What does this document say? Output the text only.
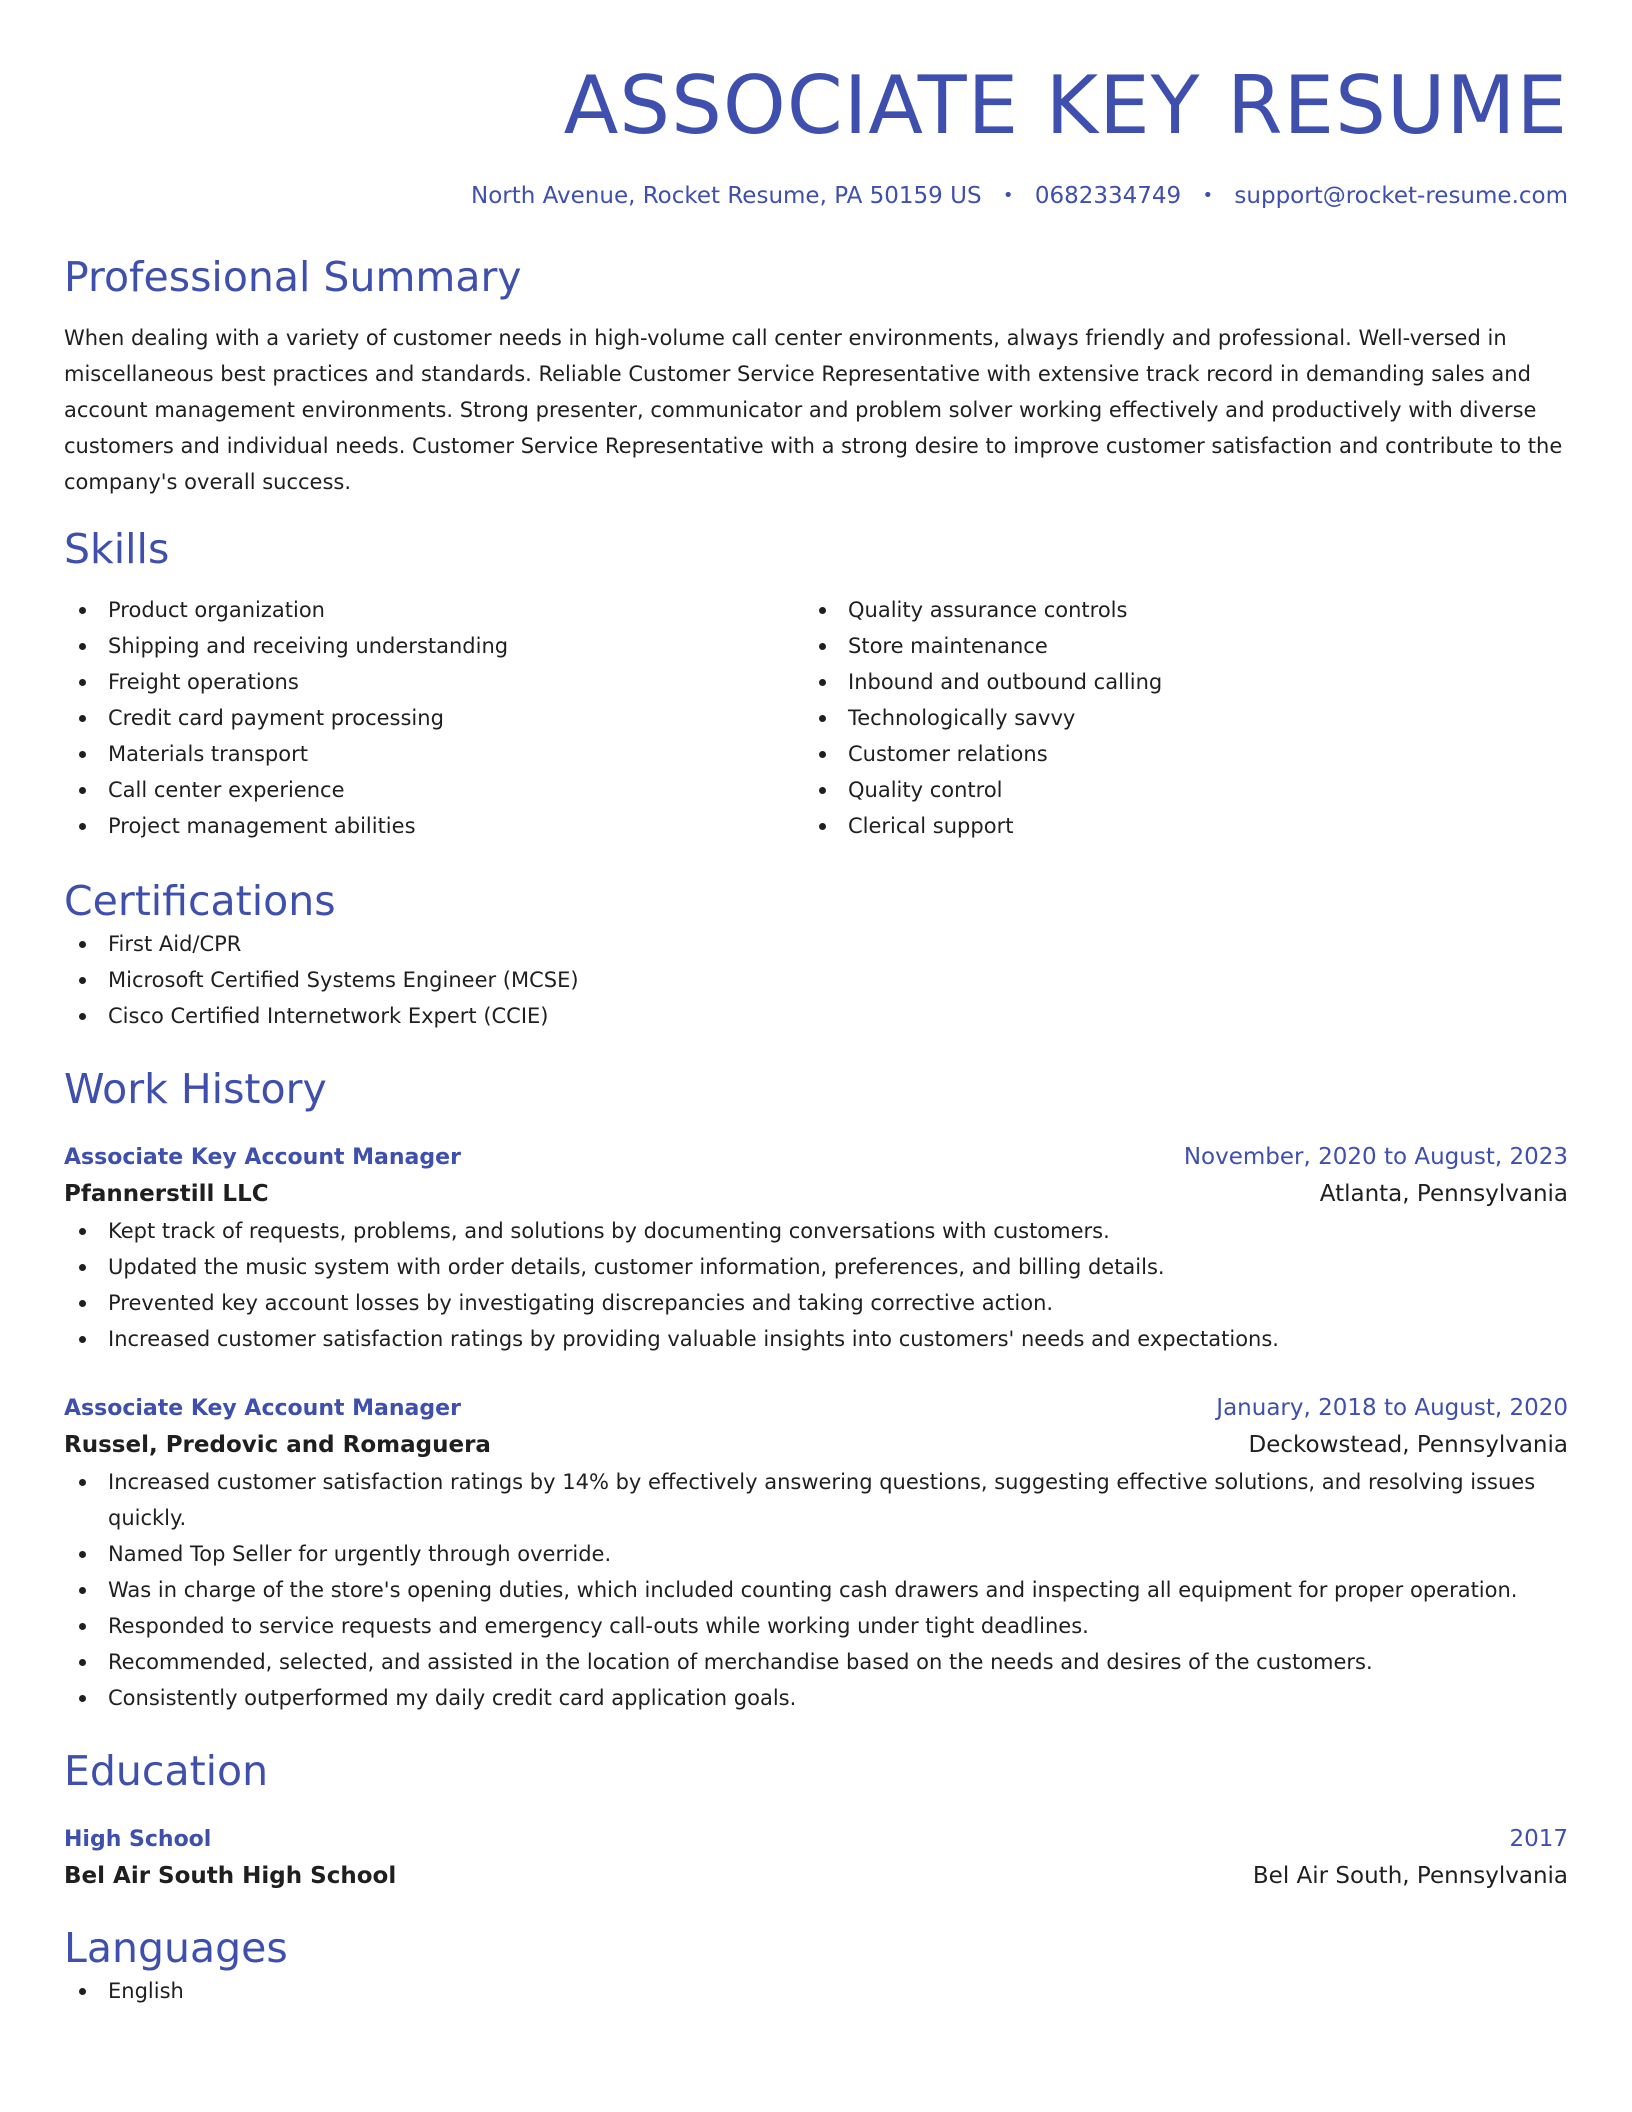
ASSOCIATE KEY RESUME
North Avenue, Rocket Resume, PA 50159 US • 0682334749 • support@rocket-resume.com
Professional Summary
When dealing with a variety of customer needs in high-volume call center environments, always friendly and professional. Well-versed in miscellaneous best practices and standards. Reliable Customer Service Representative with extensive track record in demanding sales and account management environments. Strong presenter, communicator and problem solver working effectively and productively with diverse customers and individual needs. Customer Service Representative with a strong desire to improve customer satisfaction and contribute to the company's overall success.
Skills
Product organization
Shipping and receiving understanding
Freight operations
Credit card payment processing
Materials transport
Call center experience
Project management abilities
Quality assurance controls
Store maintenance
Inbound and outbound calling
Technologically savvy
Customer relations
Quality control
Clerical support
Certifications
First Aid/CPR
Microsoft Certified Systems Engineer (MCSE)
Cisco Certified Internetwork Expert (CCIE)
Work History
Associate Key Account Manager	November, 2020 to August, 2023
Pfannerstill LLC	Atlanta, Pennsylvania
Kept track of requests, problems, and solutions by documenting conversations with customers.
Updated the music system with order details, customer information, preferences, and billing details.
Prevented key account losses by investigating discrepancies and taking corrective action.
Increased customer satisfaction ratings by providing valuable insights into customers' needs and expectations.
Associate Key Account Manager	January, 2018 to August, 2020
Russel, Predovic and Romaguera	Deckowstead, Pennsylvania
Increased customer satisfaction ratings by 14% by effectively answering questions, suggesting effective solutions, and resolving issues quickly.
Named Top Seller for urgently through override.
Was in charge of the store's opening duties, which included counting cash drawers and inspecting all equipment for proper operation.
Responded to service requests and emergency call-outs while working under tight deadlines.
Recommended, selected, and assisted in the location of merchandise based on the needs and desires of the customers.
Consistently outperformed my daily credit card application goals.
Education
High School	2017
Bel Air South High School	Bel Air South, Pennsylvania
Languages
English
